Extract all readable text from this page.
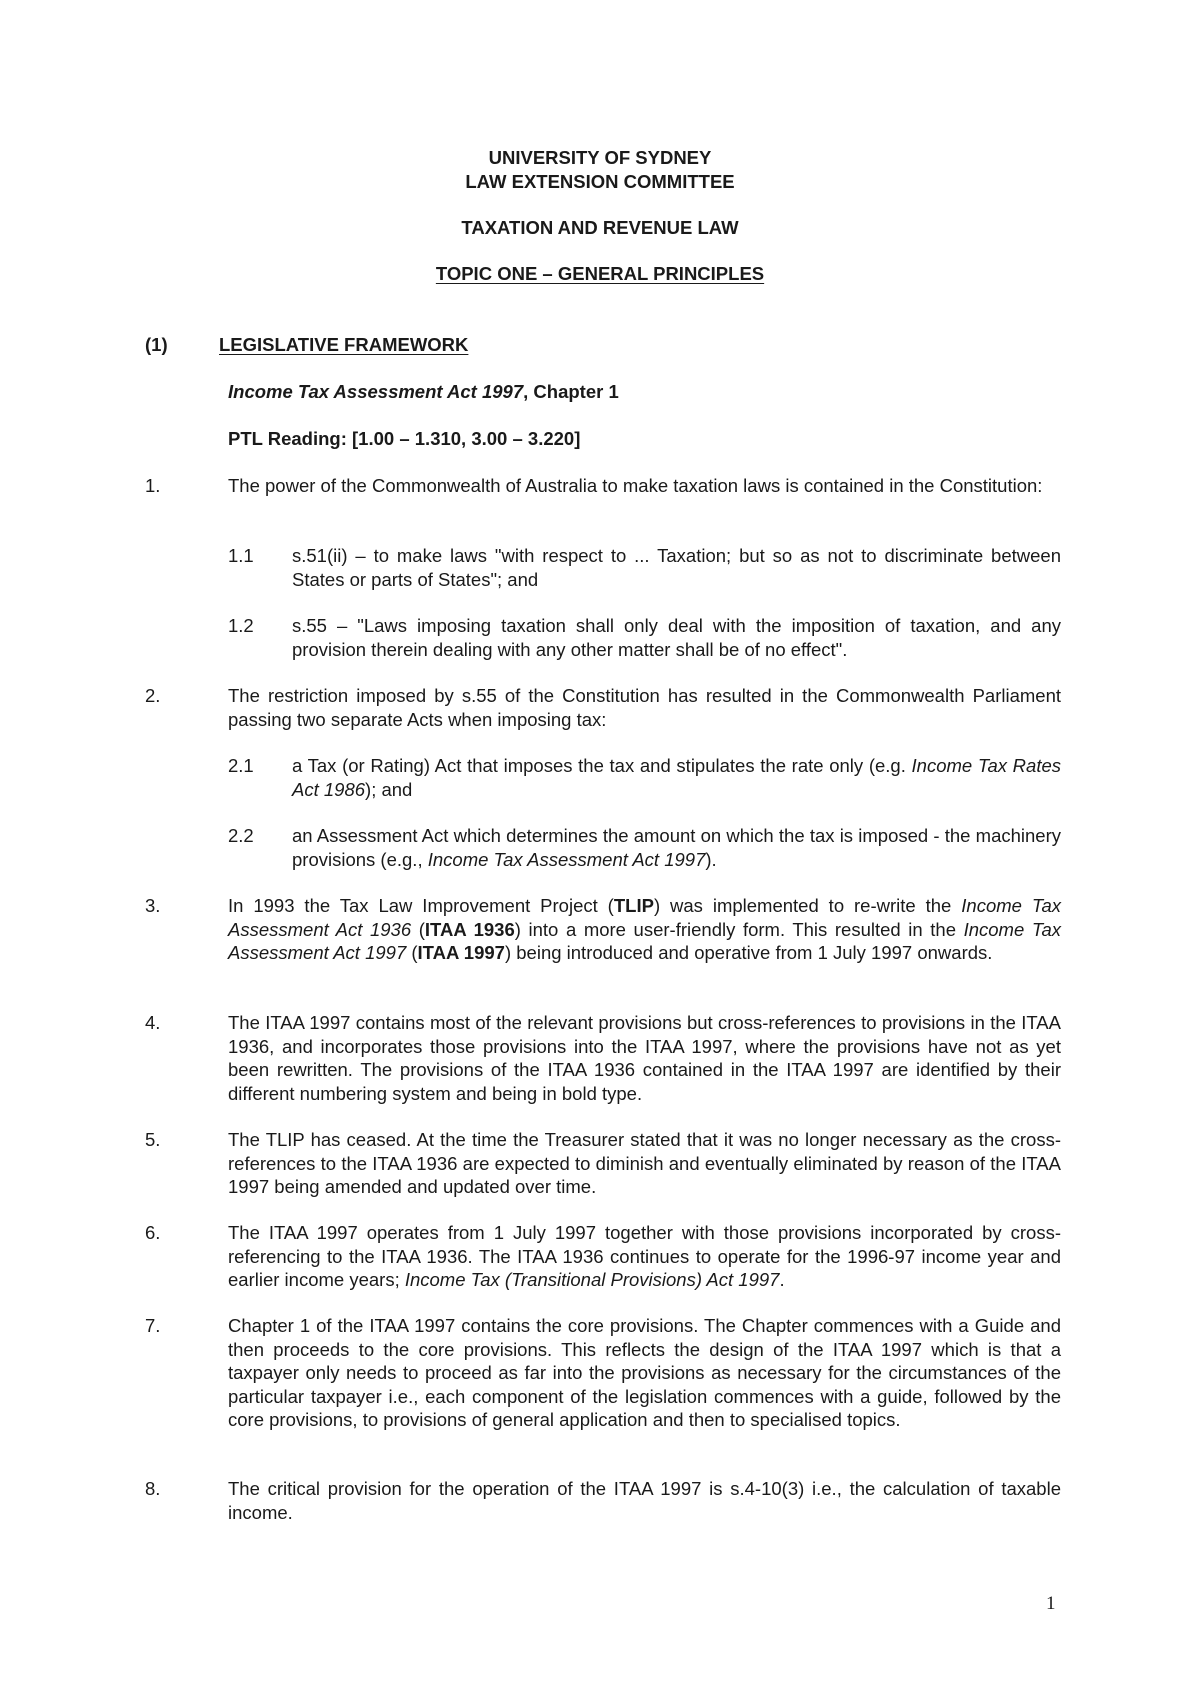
UNIVERSITY OF SYDNEY
LAW EXTENSION COMMITTEE
TAXATION AND REVENUE LAW
TOPIC ONE – GENERAL PRINCIPLES
(1)	LEGISLATIVE FRAMEWORK
Income Tax Assessment Act 1997, Chapter 1
PTL Reading: [1.00 – 1.310, 3.00 – 3.220]
1.	The power of the Commonwealth of Australia to make taxation laws is contained in the Constitution:
1.1 s.51(ii) – to make laws "with respect to ... Taxation; but so as not to discriminate between States or parts of States"; and
1.2 s.55 – "Laws imposing taxation shall only deal with the imposition of taxation, and any provision therein dealing with any other matter shall be of no effect".
2.	The restriction imposed by s.55 of the Constitution has resulted in the Commonwealth Parliament passing two separate Acts when imposing tax:
2.1 a Tax (or Rating) Act that imposes the tax and stipulates the rate only (e.g. Income Tax Rates Act 1986); and
2.2 an Assessment Act which determines the amount on which the tax is imposed - the machinery provisions (e.g., Income Tax Assessment Act 1997).
3.	In 1993 the Tax Law Improvement Project (TLIP) was implemented to re-write the Income Tax Assessment Act 1936 (ITAA 1936) into a more user-friendly form. This resulted in the Income Tax Assessment Act 1997 (ITAA 1997) being introduced and operative from 1 July 1997 onwards.
4.	The ITAA 1997 contains most of the relevant provisions but cross-references to provisions in the ITAA 1936, and incorporates those provisions into the ITAA 1997, where the provisions have not as yet been rewritten. The provisions of the ITAA 1936 contained in the ITAA 1997 are identified by their different numbering system and being in bold type.
5.	The TLIP has ceased. At the time the Treasurer stated that it was no longer necessary as the cross-references to the ITAA 1936 are expected to diminish and eventually eliminated by reason of the ITAA 1997 being amended and updated over time.
6.	The ITAA 1997 operates from 1 July 1997 together with those provisions incorporated by cross-referencing to the ITAA 1936. The ITAA 1936 continues to operate for the 1996-97 income year and earlier income years; Income Tax (Transitional Provisions) Act 1997.
7.	Chapter 1 of the ITAA 1997 contains the core provisions. The Chapter commences with a Guide and then proceeds to the core provisions. This reflects the design of the ITAA 1997 which is that a taxpayer only needs to proceed as far into the provisions as necessary for the circumstances of the particular taxpayer i.e., each component of the legislation commences with a guide, followed by the core provisions, to provisions of general application and then to specialised topics.
8.	The critical provision for the operation of the ITAA 1997 is s.4-10(3) i.e., the calculation of taxable income.
1
